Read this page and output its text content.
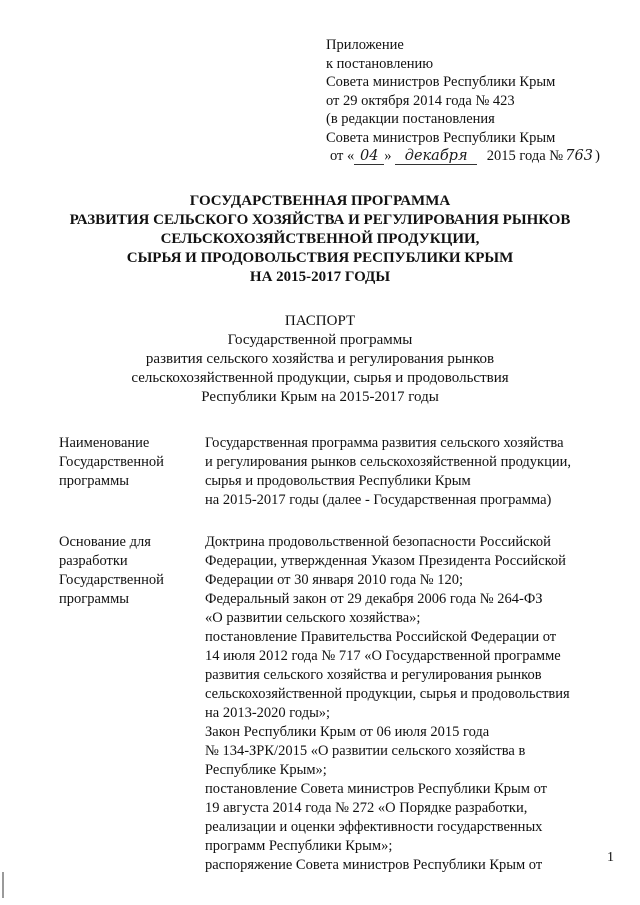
Приложение
к постановлению
Совета министров Республики Крым
от 29 октября 2014 года № 423
(в редакции постановления
Совета министров Республики Крым
от « 04 » декабря 2015 года № 763 )
ГОСУДАРСТВЕННАЯ ПРОГРАММА
РАЗВИТИЯ СЕЛЬСКОГО ХОЗЯЙСТВА И РЕГУЛИРОВАНИЯ РЫНКОВ
СЕЛЬСКОХОЗЯЙСТВЕННОЙ ПРОДУКЦИИ,
СЫРЬЯ И ПРОДОВОЛЬСТВИЯ РЕСПУБЛИКИ КРЫМ
НА 2015-2017 ГОДЫ
ПАСПОРТ
Государственной программы
развития сельского хозяйства и регулирования рынков
сельскохозяйственной продукции, сырья и продовольствия
Республики Крым на 2015-2017 годы
Наименование
Государственной
программы
Государственная программа развития сельского хозяйства
и регулирования рынков сельскохозяйственной продукции,
сырья и продовольствия Республики Крым
на 2015-2017 годы (далее - Государственная программа)
Основание для
разработки
Государственной
программы
Доктрина продовольственной безопасности Российской
Федерации, утвержденная Указом Президента Российской
Федерации от 30 января 2010 года № 120;
Федеральный закон от 29 декабря 2006 года № 264-ФЗ
«О развитии сельского хозяйства»;
постановление Правительства Российской Федерации от
14 июля 2012 года № 717 «О Государственной программе
развития сельского хозяйства и регулирования рынков
сельскохозяйственной продукции, сырья и продовольствия
на 2013-2020 годы»;
Закон Республики Крым от 06 июля 2015 года
№ 134-ЗРК/2015 «О развитии сельского хозяйства в
Республике Крым»;
постановление Совета министров Республики Крым от
19 августа 2014 года № 272 «О Порядке разработки,
реализации и оценки эффективности государственных
программ Республики Крым»;
распоряжение Совета министров Республики Крым от	1
